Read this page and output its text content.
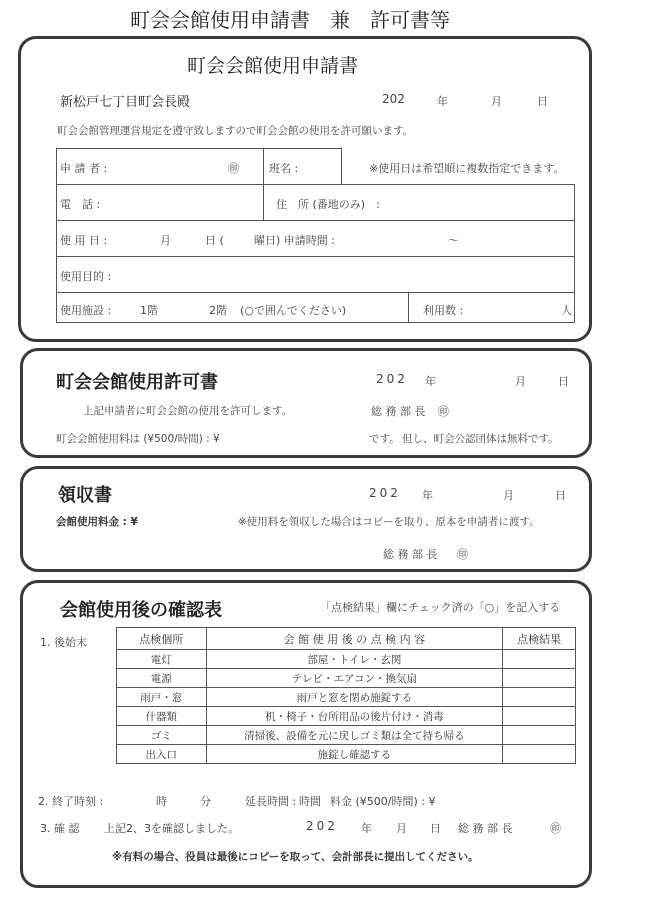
町会会館使用申請書　兼　許可書等
町会会館使用申請書
新松戸七丁目町会長殿	202	年	月	日
町会会館管理運営規定を遵守致しますので町会会館の使用を許可願います。
申 請 者 :	㊞	班名 :	※使用日は希望順に複数指定できます。
電　話 :	住　所 (番地のみ)　:
使 用 日 :	月	日 (	曜日) 申請時間 :	〜
使用目的 :
使用施設 :	1階	2階 (○で囲んでください)	利用数 :	人
町会会館使用許可書	202 年	月	日
上記申請者に町会会館の使用を許可します。	総 務 部 長 ㊞
町会会館使用料は (¥500/時間) : ¥	です。 但し、町会公認団体は無料です。
領収書	202 年	月	日
会館使用料金 : ¥	※使用料を領収した場合はコピーを取り、原本を申請者に渡す。
総 務 部 長 ㊞
会館使用後の確認表	「点検結果」欄にチェック済の「○」を記入する
1. 後始末	点検個所	会 館 使 用 後 の 点 検 内 容	点検結果
電灯	部屋・トイレ・玄関	
電源	テレビ・エアコン・換気扇	
雨戸・窓	雨戸と窓を閉め施錠する	
什器類	机・椅子・台所用品の後片付け・消毒	
ゴミ	清掃後、設備を元に戻しゴミ類は全て持ち帰る	
出入口	施錠し確認する	
2. 終了時刻 :	時	分	延長時間 : 時間 料金 (¥500/時間) : ¥
3. 確 認 上記2、3を確認しました。	202 年 月 日 総 務 部 長	㊞
※有料の場合、役員は最後にコピーを取って、会計部長に提出してください。
